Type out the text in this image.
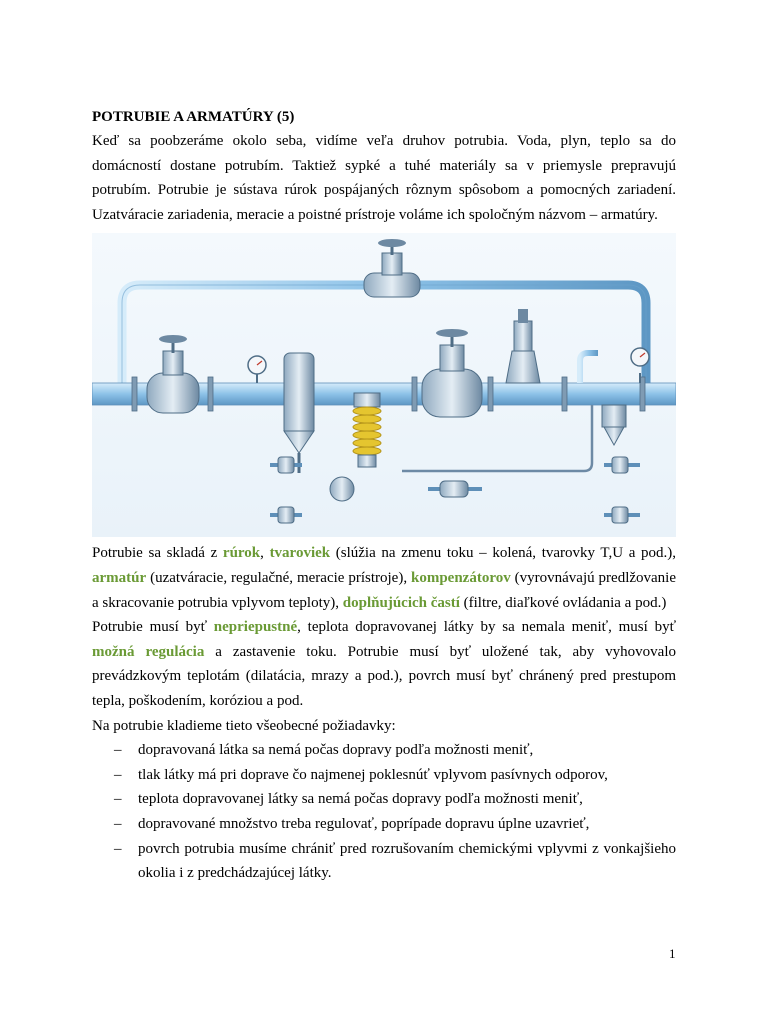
POTRUBIE A ARMATÚRY (5)

Keď sa poobzeráme okolo seba, vidíme veľa druhov potrubia. Voda, plyn, teplo sa do domácností dostane potrubím. Taktiež sypké a tuhé materiály sa v priemysle prepravujú potrubím. Potrubie je sústava rúrok pospájaných rôznym spôsobom a pomocných zariadení. Uzatváracie zariadenia, meracie a poistné prístroje voláme ich spoločným názvom – armatúry.

Potrubie sa skladá z rúrok, tvaroviek (slúžia na zmenu toku – kolená, tvarovky T,U a pod.), armatúr (uzatváracie, regulačné, meracie prístroje), kompenzátorov (vyrovnávajú predlžovanie a skracovanie potrubia vplyvom teploty), doplňujúcich častí (filtre, diaľkové ovládania a pod.)

Potrubie musí byť nepriepustné, teplota dopravovanej látky by sa nemala meniť, musí byť možná regulácia a zastavenie toku. Potrubie musí byť uložené tak, aby vyhovovalo prevádzkovým teplotám (dilatácia, mrazy a pod.), povrch musí byť chránený pred prestupom tepla, poškodením, koróziou a pod.

Na potrubie kladieme tieto všeobecné požiadavky:

– dopravovaná látka sa nemá počas dopravy podľa možnosti meniť,
– tlak látky má pri doprave čo najmenej poklesnúť vplyvom pasívnych odporov,
– teplota dopravovanej látky sa nemá počas dopravy podľa možnosti meniť,
– dopravované množstvo treba regulovať, poprípade dopravu úplne uzavrieť,
– povrch potrubia musíme chrániť pred rozrušovaním chemickými vplyvmi z vonkajšieho okolia i z predchádzajúcej látky.
1
